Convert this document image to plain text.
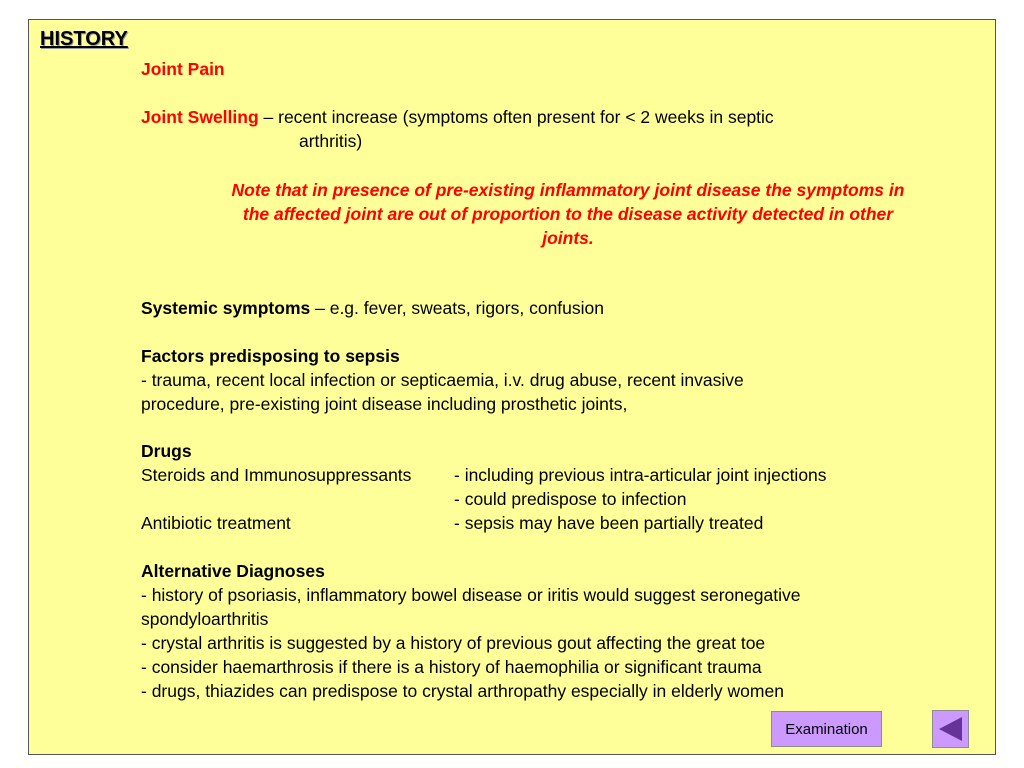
HISTORY
Joint Pain
Joint Swelling – recent increase (symptoms often present for < 2 weeks in septic
arthritis)
Note that in presence of pre-existing inflammatory joint disease the symptoms in
the affected joint are out of proportion to the disease activity detected in other
joints.
Systemic symptoms – e.g. fever, sweats, rigors, confusion
Factors predisposing to sepsis
- trauma, recent local infection or septicaemia, i.v. drug abuse, recent invasive
procedure, pre-existing joint disease including prosthetic joints,
Drugs
Steroids and Immunosuppressants - including previous intra-articular joint injections
- could predispose to infection
Antibiotic treatment	- sepsis may have been partially treated
Alternative Diagnoses
- history of psoriasis, inflammatory bowel disease or iritis would suggest seronegative
spondyloarthritis
- crystal arthritis is suggested by a history of previous gout affecting the great toe
- consider haemarthrosis if there is a history of haemophilia or significant trauma
- drugs, thiazides can predispose to crystal arthropathy especially in elderly women
Examination
